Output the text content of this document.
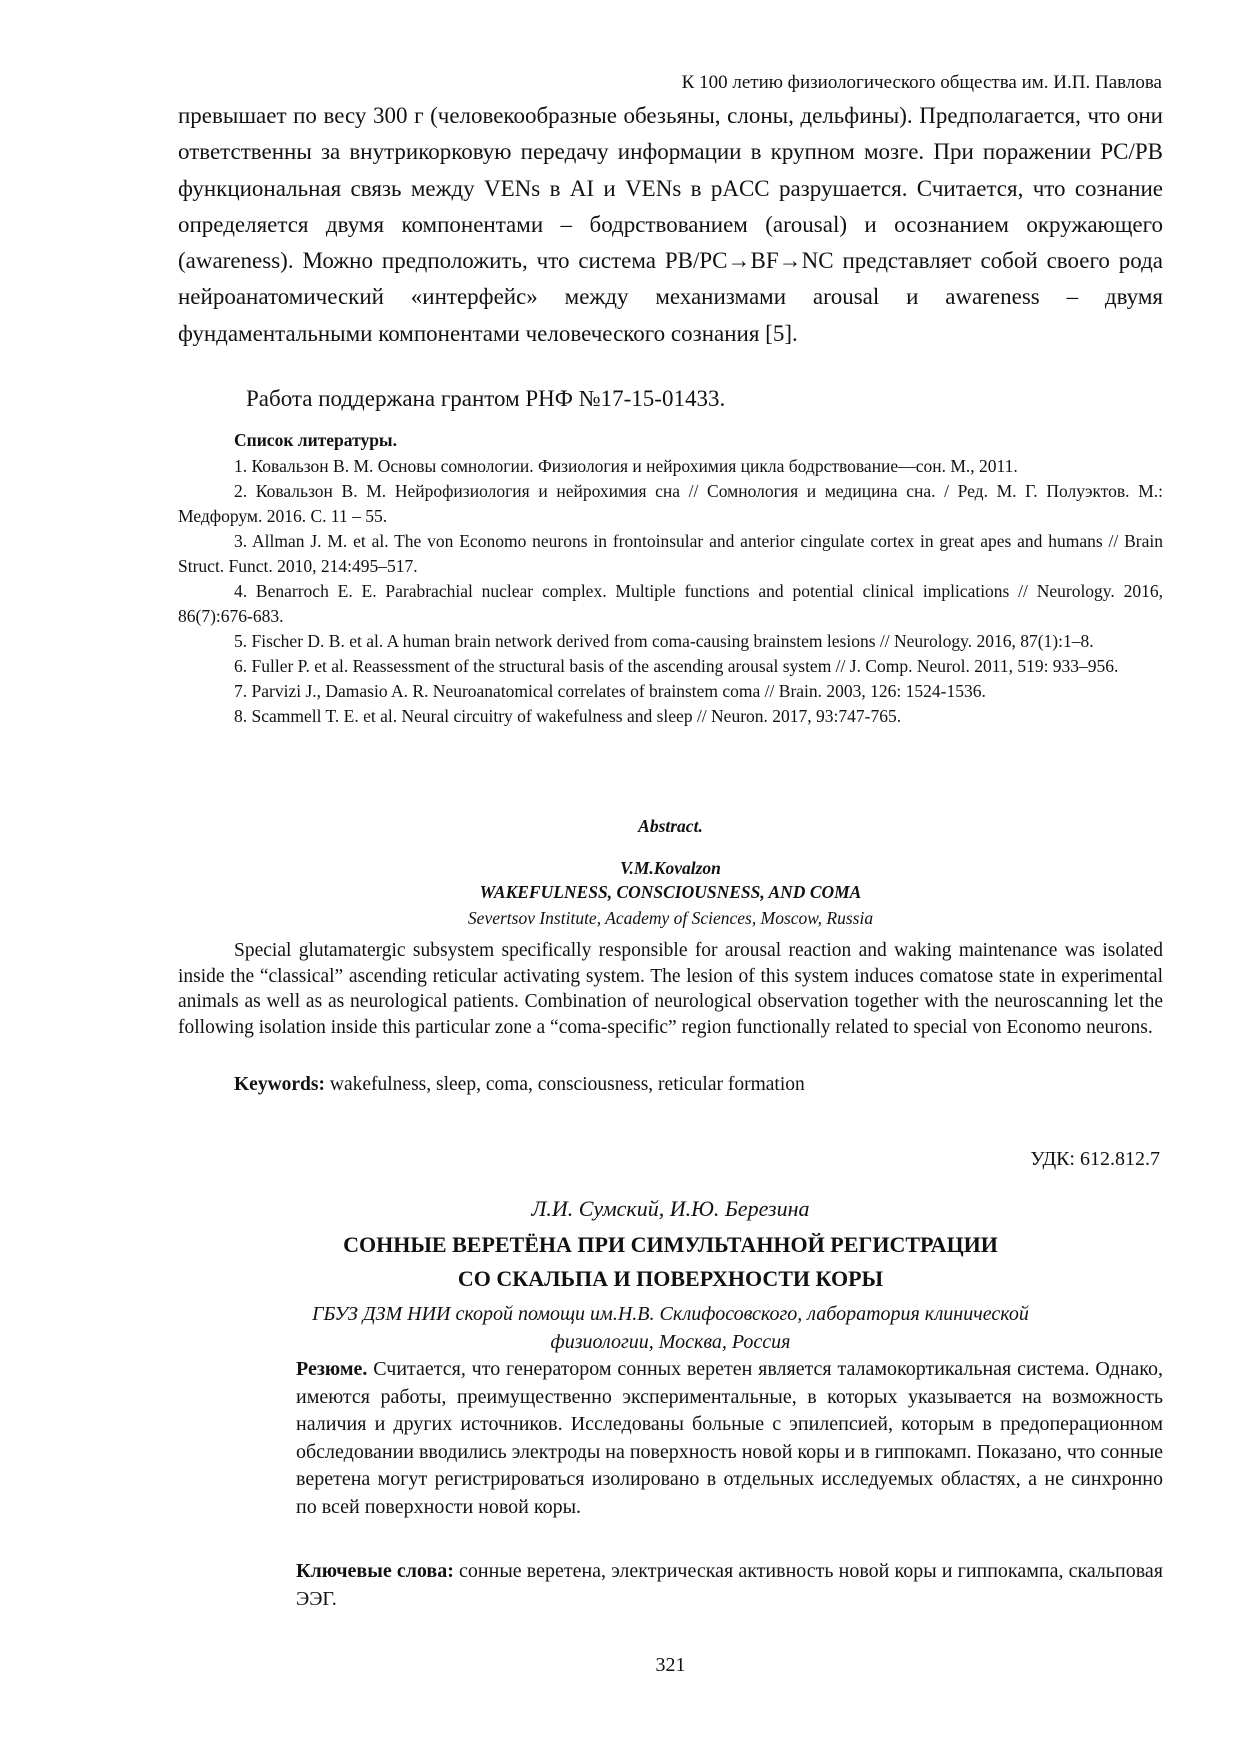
К 100 летию физиологического общества им. И.П. Павлова
превышает по весу 300 г (человекообразные обезьяны, слоны, дельфины). Предполагается, что они ответственны за внутрикорковую передачу информации в крупном мозге. При поражении PC/PB функциональная связь между VENs в AI и VENs в pACC разрушается. Считается, что сознание определяется двумя компонентами – бодрствованием (arousal) и осознанием окружающего (awareness). Можно предположить, что система PB/PC→BF→NC представляет собой своего рода нейроанатомический «интерфейс» между механизмами arousal и awareness – двумя фундаментальными компонентами человеческого сознания [5].
Работа поддержана грантом РНФ №17-15-01433.
Список литературы.
1. Ковальзон В. М. Основы сомнологии. Физиология и нейрохимия цикла бодрствование—сон. М., 2011.
2. Ковальзон В. М. Нейрофизиология и нейрохимия сна // Сомнология и медицина сна. / Ред. М. Г. Полуэктов. М.: Медфорум. 2016. С. 11 – 55.
3. Allman J. M. et al. The von Economo neurons in frontoinsular and anterior cingulate cortex in great apes and humans // Brain Struct. Funct. 2010, 214:495–517.
4. Benarroch E. E. Parabrachial nuclear complex. Multiple functions and potential clinical implications // Neurology. 2016, 86(7):676-683.
5. Fischer D. B. et al. A human brain network derived from coma-causing brainstem lesions // Neurology. 2016, 87(1):1–8.
6. Fuller P. et al. Reassessment of the structural basis of the ascending arousal system // J. Comp. Neurol. 2011, 519: 933–956.
7. Parvizi J., Damasio A. R. Neuroanatomical correlates of brainstem coma // Brain. 2003, 126: 1524-1536.
8. Scammell T. E. et al. Neural circuitry of wakefulness and sleep // Neuron. 2017, 93:747-765.
Abstract.
V.M.Kovalzon
WAKEFULNESS, CONSCIOUSNESS, AND COMA
Severtsov Institute, Academy of Sciences, Moscow, Russia
Special glutamatergic subsystem specifically responsible for arousal reaction and waking maintenance was isolated inside the “classical” ascending reticular activating system. The lesion of this system induces comatose state in experimental animals as well as as neurological patients. Combination of neurological observation together with the neuroscanning let the following isolation inside this particular zone a “coma-specific” region functionally related to special von Economo neurons.
Keywords: wakefulness, sleep, coma, consciousness, reticular formation
УДК: 612.812.7
Л.И. Сумский, И.Ю. Березина
СОННЫЕ ВЕРЕТЁНА ПРИ СИМУЛЬТАННОЙ РЕГИСТРАЦИИ
СО СКАЛЬПА И ПОВЕРХНОСТИ КОРЫ
ГБУЗ ДЗМ НИИ скорой помощи им.Н.В. Склифосовского, лаборатория клинической
физиологии, Москва, Россия
Резюме. Считается, что генератором сонных веретен является таламокортикальная система. Однако, имеются работы, преимущественно экспериментальные, в которых указывается на возможность наличия и других источников. Исследованы больные с эпилепсией, которым в предоперационном обследовании вводились электроды на поверхность новой коры и в гиппокамп. Показано, что сонные веретена могут регистрироваться изолировано в отдельных исследуемых областях, а не синхронно по всей поверхности новой коры.
Ключевые слова: сонные веретена, электрическая активность новой коры и гиппокампа, скальповая ЭЭГ.
321
